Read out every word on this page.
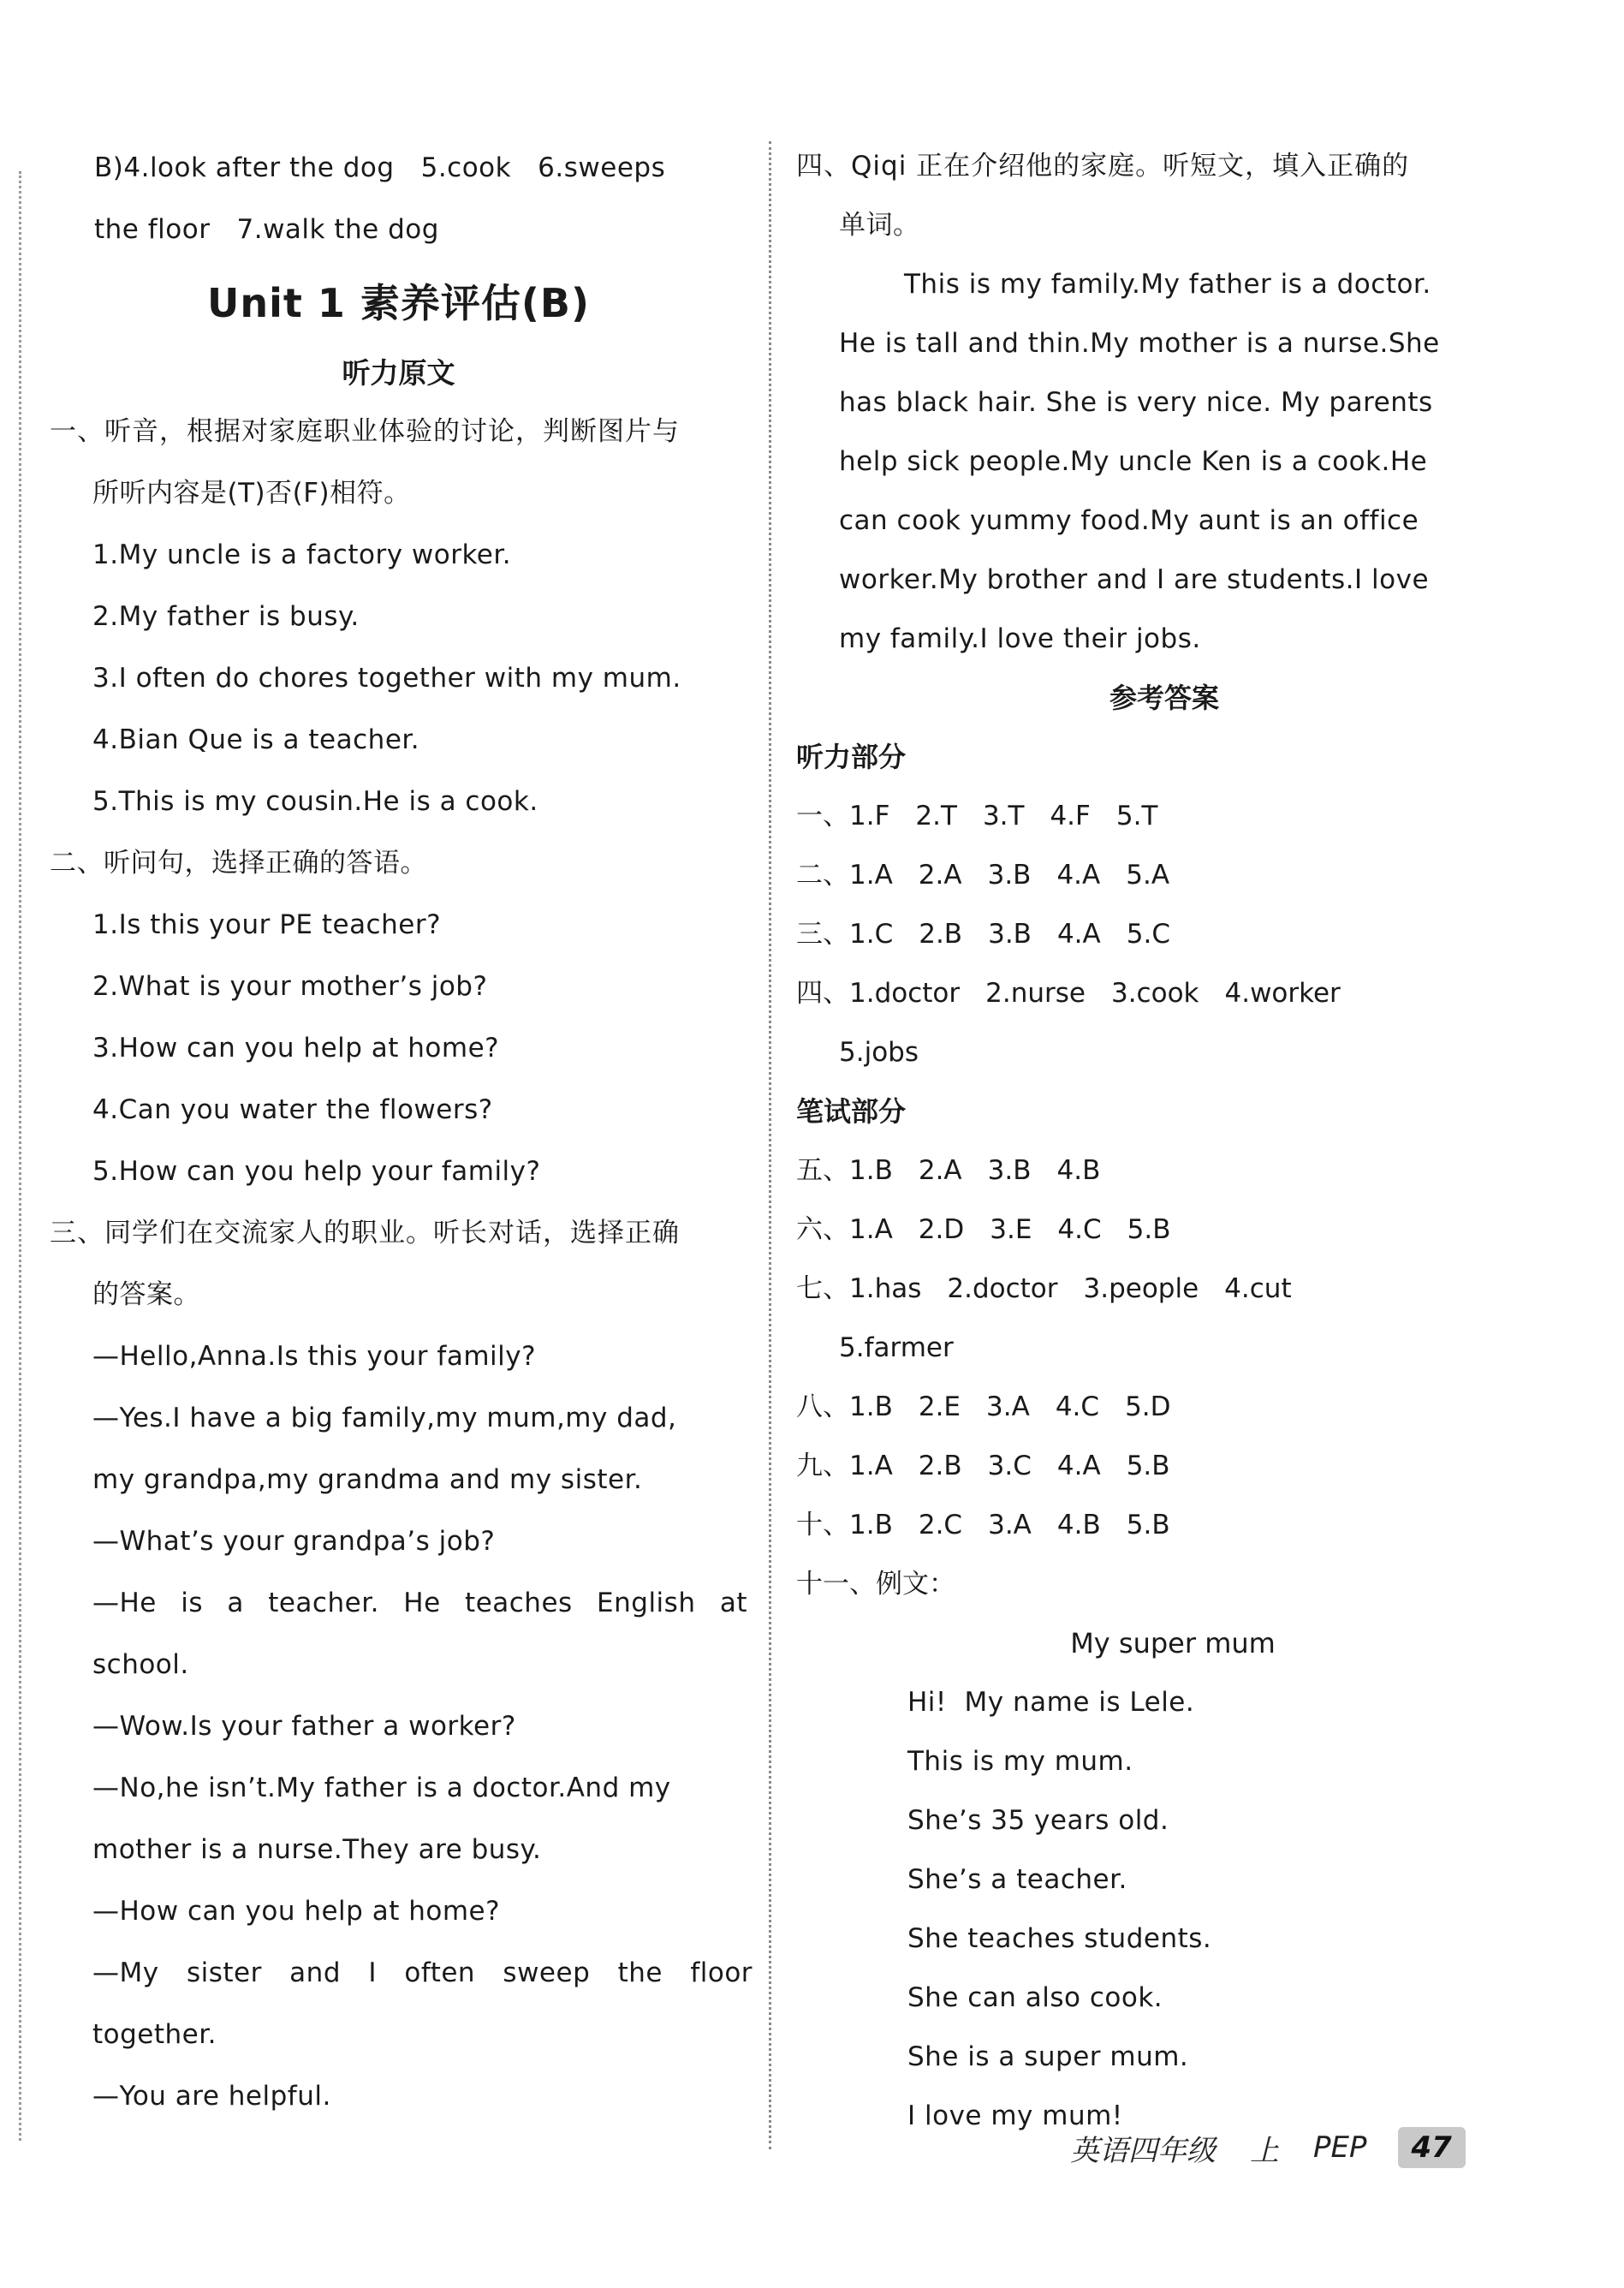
B)4.look after the dog   5.cook   6.sweeps
the floor   7.walk the dog
Unit 1 素养评估(B)
听力原文
一、听音，根据对家庭职业体验的讨论，判断图片与
所听内容是(T)否(F)相符。
1.My uncle is a factory worker.
2.My father is busy.
3.I often do chores together with my mum.
4.Bian Que is a teacher.
5.This is my cousin.He is a cook.
二、听问句，选择正确的答语。
1.Is this your PE teacher?
2.What is your mother’s job?
3.How can you help at home?
4.Can you water the flowers?
5.How can you help your family?
三、同学们在交流家人的职业。听长对话，选择正确
的答案。
—Hello,Anna.Is this your family?
—Yes.I have a big family,my mum,my dad,
my grandpa,my grandma and my sister.
—What’s your grandpa’s job?
—He is a teacher. He teaches English at
school.
—Wow.Is your father a worker?
—No,he isn’t.My father is a doctor.And my
mother is a nurse.They are busy.
—How can you help at home?
—My sister and I often sweep the floor
together.
—You are helpful.
四、Qiqi 正在介绍他的家庭。听短文，填入正确的
单词。
This is my family.My father is a doctor.
He is tall and thin.My mother is a nurse.She
has black hair. She is very nice. My parents
help sick people.My uncle Ken is a cook.He
can cook yummy food.My aunt is an office
worker.My brother and I are students.I love
my family.I love their jobs.
参考答案
听力部分
一、1.F 2.T 3.T 4.F 5.T
二、1.A 2.A 3.B 4.A 5.A
三、1.C 2.B 3.B 4.A 5.C
四、1.doctor 2.nurse 3.cook 4.worker
5.jobs
笔试部分
五、1.B 2.A 3.B 4.B
六、1.A 2.D 3.E 4.C 5.B
七、1.has 2.doctor 3.people 4.cut
5.farmer
八、1.B 2.E 3.A 4.C 5.D
九、1.A 2.B 3.C 4.A 5.B
十、1.B 2.C 3.A 4.B 5.B
十一、例文：
My super mum
Hi!  My name is Lele.
This is my mum.
She’s 35 years old.
She’s a teacher.
She teaches students.
She can also cook.
She is a super mum.
I love my mum!
英语四年级 上 PEP	47
